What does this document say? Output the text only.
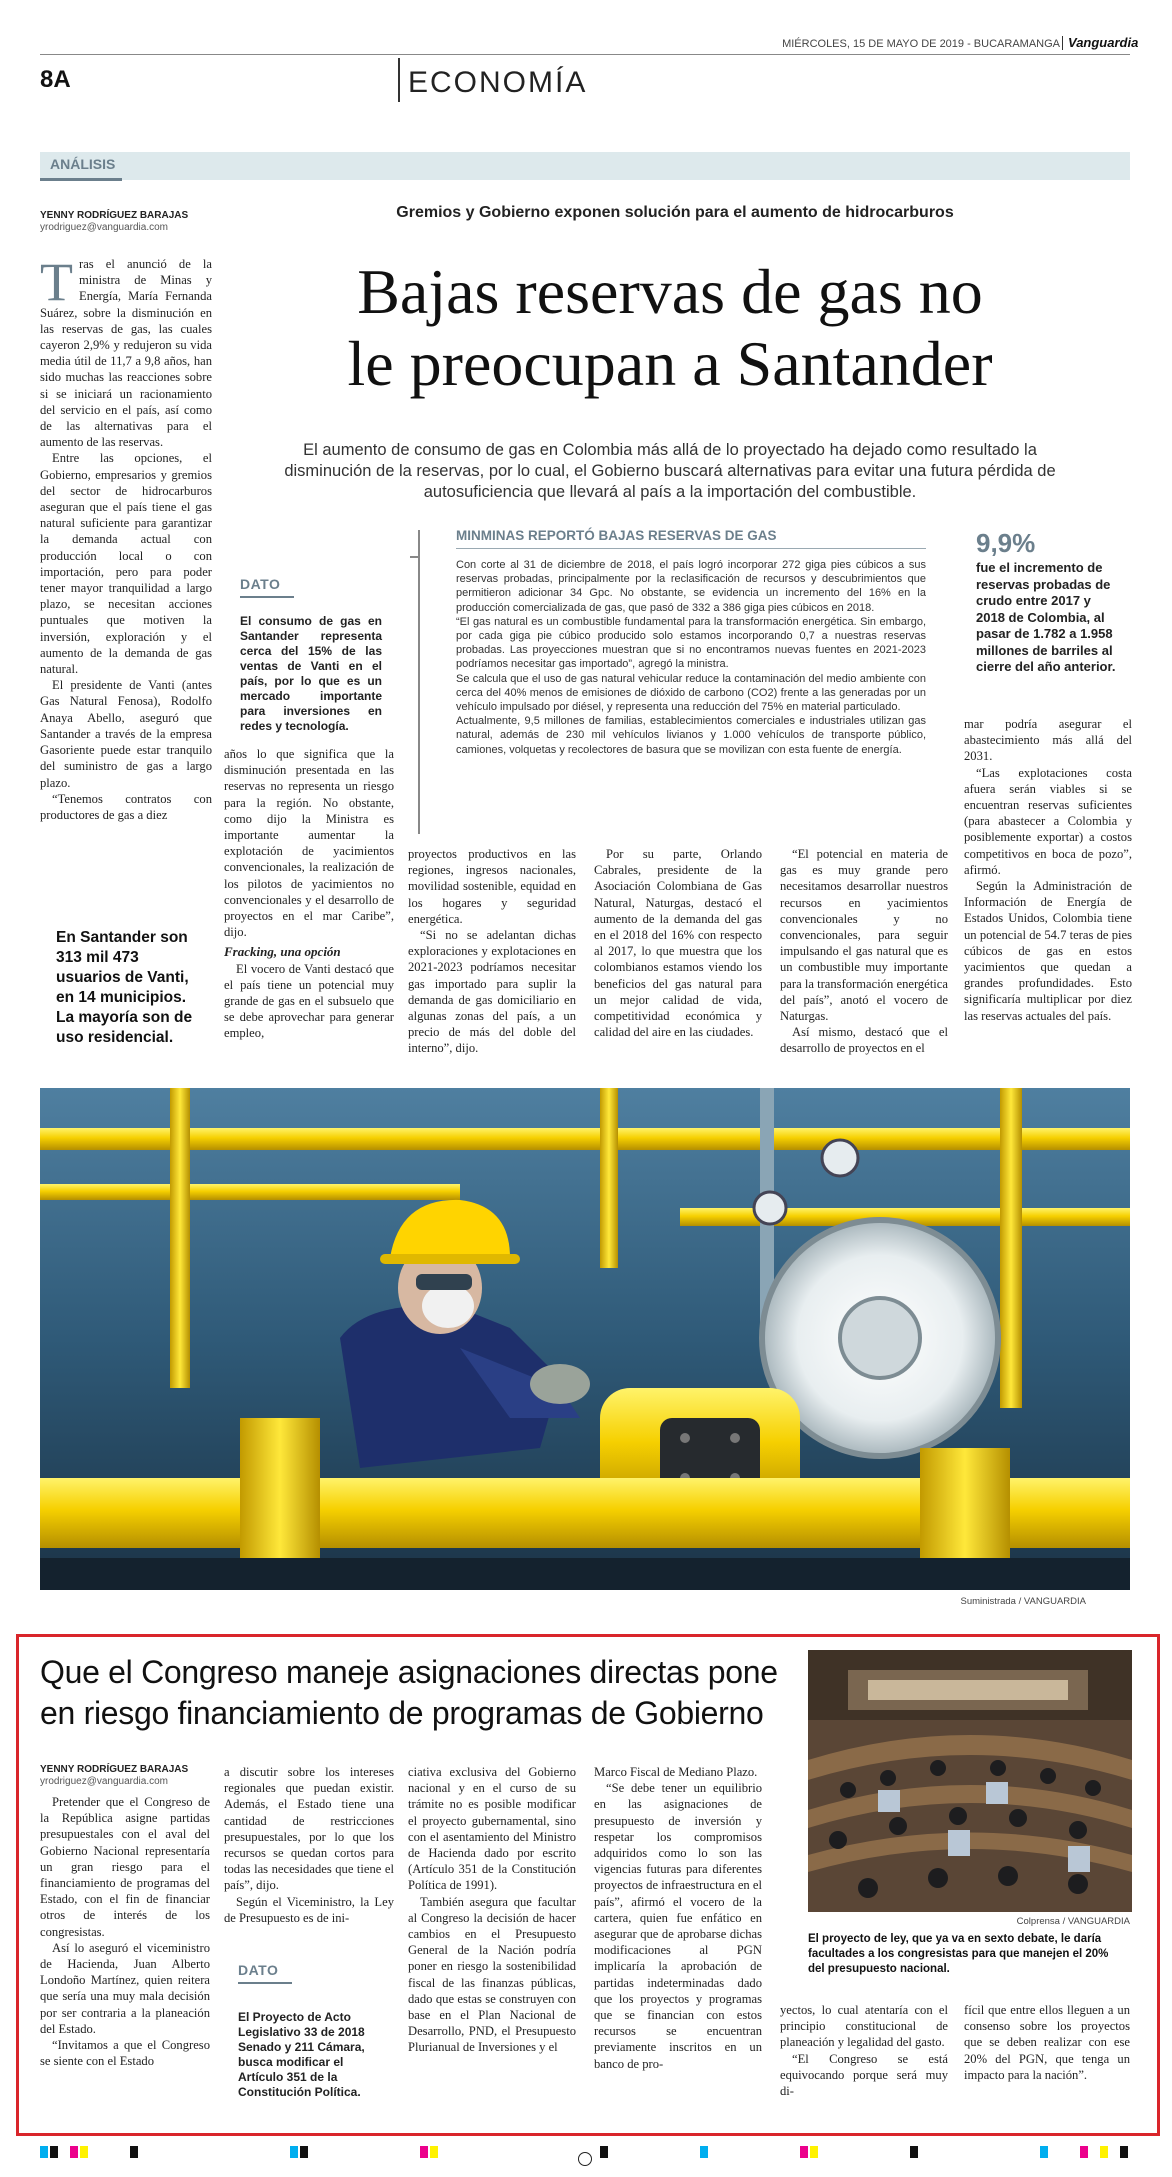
MIÉRCOLES, 15 DE MAYO DE 2019 - BUCARAMANGA Vanguardia
8A	ECONOMÍA
ANÁLISIS
YENNY RODRÍGUEZ BARAJAS
yrodriguez@vanguardia.com
Gremios y Gobierno exponen solución para el aumento de hidrocarburos
Bajas reservas de gas no
le preocupan a Santander
El aumento de consumo de gas en Colombia más allá de lo proyectado ha dejado como resultado la disminución de la reservas, por lo cual, el Gobierno buscará alternativas para evitar una futura pérdida de autosuficiencia que llevará al país a la importación del combustible.
T ras el anunció de la ministra de Minas y Energía, María Fernanda Suárez, sobre la disminución en las reservas de gas, las cuales cayeron 2,9% y redujeron su vida media útil de 11,7 a 9,8 años, han sido muchas las reacciones sobre si se iniciará un racionamiento del servicio en el país, así como de las alternativas para el aumento de las reservas.

Entre las opciones, el Gobierno, empresarios y gremios del sector de hidrocarburos aseguran que el país tiene el gas natural suficiente para garantizar la demanda actual con producción local o con importación, pero para poder tener mayor tranquilidad a largo plazo, se necesitan acciones puntuales que motiven la inversión, exploración y el aumento de la demanda de gas natural.

El presidente de Vanti (antes Gas Natural Fenosa), Rodolfo Anaya Abello, aseguró que Santander a través de la empresa Gasoriente puede estar tranquilo del suministro de gas a largo plazo.

“Tenemos contratos con productores de gas a diez

En Santander son 313 mil 473 usuarios de Vanti, en 14 municipios. La mayoría son de uso residencial.
DATO
El consumo de gas en Santander representa cerca del 15% de las ventas de Vanti en el país, por lo que es un mercado importante para inversiones en redes y tecnología.

años lo que significa que la disminución presentada en las reservas no representa un riesgo para la región. No obstante, como dijo la Ministra es importante aumentar la explotación de yacimientos convencionales, la realización de los pilotos de yacimientos no convencionales y el desarrollo de proyectos en el mar Caribe”, dijo.

Fracking, una opción

El vocero de Vanti destacó que el país tiene un potencial muy grande de gas en el subsuelo que se debe aprovechar para generar empleo,

MINMINAS REPORTÓ BAJAS RESERVAS DE GAS

Con corte al 31 de diciembre de 2018, el país logró incorporar 272 giga pies cúbicos a sus reservas probadas, principalmente por la reclasificación de recursos y descubrimientos que permitieron adicionar 34 Gpc. No obstante, se evidencia un incremento del 16% en la producción comercializada de gas, que pasó de 332 a 386 giga pies cúbicos en 2018.

“El gas natural es un combustible fundamental para la transformación energética. Sin embargo, por cada giga pie cúbico producido solo estamos incorporando 0,7 a nuestras reservas probadas. Las proyecciones muestran que si no encontramos nuevas fuentes en 2021-2023 podríamos necesitar gas importado”, agregó la ministra.

Se calcula que el uso de gas natural vehicular reduce la contaminación del medio ambiente con cerca del 40% menos de emisiones de dióxido de carbono (CO2) frente a las generadas por un vehículo impulsado por diésel, y representa una reducción del 75% en material particulado.

Actualmente, 9,5 millones de familias, establecimientos comerciales e industriales utilizan gas natural, además de 230 mil vehículos livianos y 1.000 vehículos de transporte público, camiones, volquetas y recolectores de basura que se movilizan con esta fuente de energía.

9,9%
fue el incremento de reservas probadas de crudo entre 2017 y 2018 de Colombia, al pasar de 1.782 a 1.958 millones de barriles al cierre del año anterior.

proyectos productivos en las regiones, ingresos nacionales, movilidad sostenible, equidad en los hogares y seguridad energética.

“Si no se adelantan dichas exploraciones y explotaciones en 2021-2023 podríamos necesitar gas importado para suplir la demanda de gas domiciliario en algunas zonas del país, a un precio de más del doble del interno”, dijo.

Por su parte, Orlando Cabrales, presidente de la Asociación Colombiana de Gas Natural, Naturgas, destacó el aumento de la demanda del gas en el 2018 del 16% con respecto al 2017, lo que muestra que los colombianos estamos viendo los beneficios del gas natural para un mejor calidad de vida, competitividad económica y calidad del aire en las ciudades.

“El potencial en materia de gas es muy grande pero necesitamos desarrollar nuestros recursos en yacimientos convencionales y no convencionales, para seguir impulsando el gas natural que es un combustible muy importante para la transformación energética del país”, anotó el vocero de Naturgas.

Así mismo, destacó que el desarrollo de proyectos en el

mar podría asegurar el abastecimiento más allá del 2031.

“Las explotaciones costa afuera serán viables si se encuentran reservas suficientes (para abastecer a Colombia y posiblemente exportar) a costos competitivos en boca de pozo”, afirmó.

Según la Administración de Información de Energía de Estados Unidos, Colombia tiene un potencial de 54.7 teras de pies cúbicos de gas en estos yacimientos que quedan a grandes profundidades. Esto significaría multiplicar por diez las reservas actuales del país.

Suministrada / VANGUARDIA
Que el Congreso maneje asignaciones directas pone
en riesgo financiamiento de programas de Gobierno
YENNY RODRÍGUEZ BARAJAS
yrodriguez@vanguardia.com

Pretender que el Congreso de la República asigne partidas presupuestales con el aval del Gobierno Nacional representaría un gran riesgo para el financiamiento de programas del Estado, con el fin de financiar otros de interés de los congresistas.

Así lo aseguró el viceministro de Hacienda, Juan Alberto Londoño Martínez, quien reitera que sería una muy mala decisión por ser contraria a la planeación del Estado.

“Invitamos a que el Congreso se siente con el Estado

a discutir sobre los intereses regionales que puedan existir. Además, el Estado tiene una cantidad de restricciones presupuestales, por lo que los recursos se quedan cortos para todas las necesidades que tiene el país”, dijo.

Según el Viceministro, la Ley de Presupuesto es de ini-

DATO
El Proyecto de Acto Legislativo 33 de 2018 Senado y 211 Cámara, busca modificar el Artículo 351 de la Constitución Política.

ciativa exclusiva del Gobierno nacional y en el curso de su trámite no es posible modificar el proyecto gubernamental, sino con el asentamiento del Ministro de Hacienda dado por escrito (Artículo 351 de la Constitución Política de 1991).

También asegura que facultar al Congreso la decisión de hacer cambios en el Presupuesto General de la Nación podría poner en riesgo la sostenibilidad fiscal de las finanzas públicas, dado que estas se construyen con base en el Plan Nacional de Desarrollo, PND, el Presupuesto Plurianual de Inversiones y el

Marco Fiscal de Mediano Plazo.

“Se debe tener un equilibrio en las asignaciones de presupuesto de inversión y respetar los compromisos adquiridos como lo son las vigencias futuras para diferentes proyectos de infraestructura en el país”, afirmó el vocero de la cartera, quien fue enfático en asegurar que de aprobarse dichas modificaciones al PGN implicaría la aprobación de partidas indeterminadas dado que los proyectos y programas que se financian con estos recursos se encuentran previamente inscritos en un banco de pro-

Colprensa / VANGUARDIA
El proyecto de ley, que ya va en sexto debate, le daría facultades a los congresistas para que manejen el 20% del presupuesto nacional.

yectos, lo cual atentaría con el principio constitucional de planeación y legalidad del gasto.

“El Congreso se está equivocando porque será muy di-

fícil que entre ellos lleguen a un consenso sobre los proyectos que se deben realizar con ese 20% del PGN, que tenga un impacto para la nación”.
